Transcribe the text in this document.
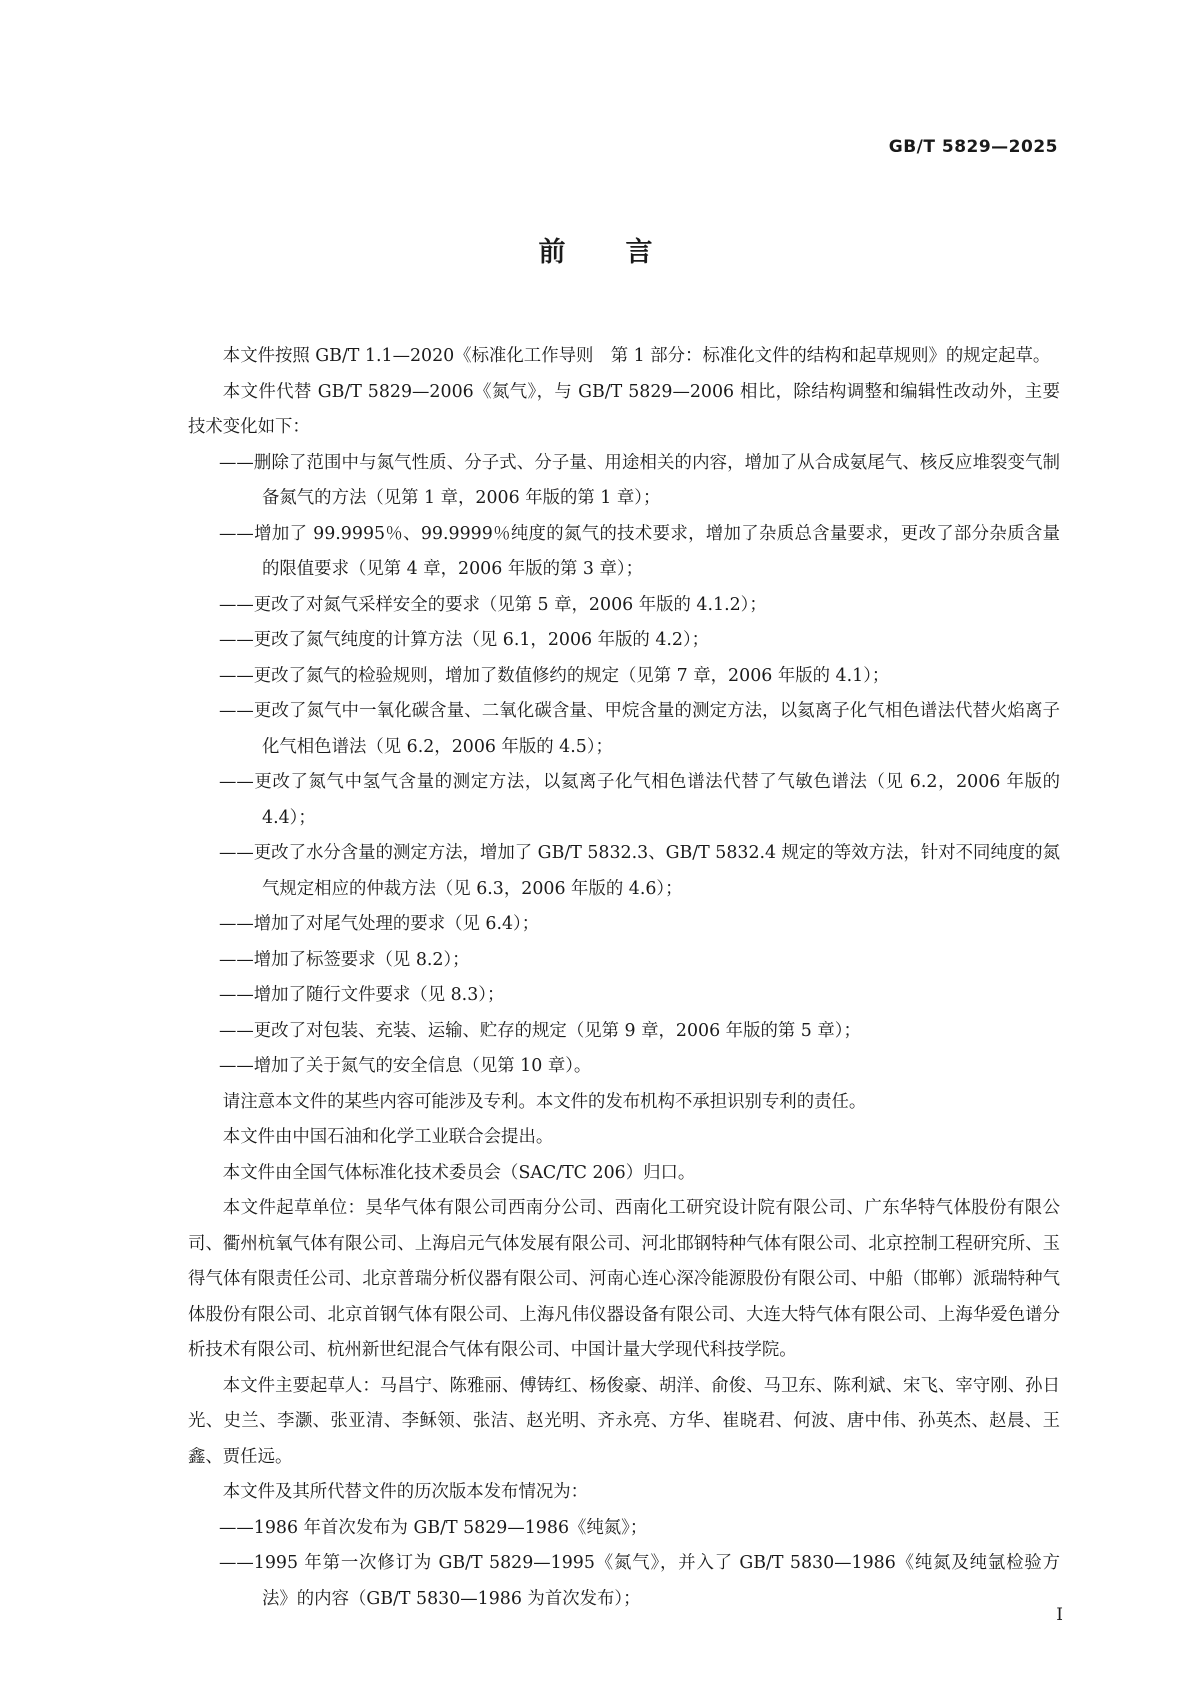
GB/T 5829—2025
前言

本文件按照 GB/T 1.1—2020《标准化工作导则　第 1 部分：标准化文件的结构和起草规则》的规定起草。

本文件代替 GB/T 5829—2006《氮气》，与 GB/T 5829—2006 相比，除结构调整和编辑性改动外，主要技术变化如下：

——删除了范围中与氮气性质、分子式、分子量、用途相关的内容，增加了从合成氨尾气、核反应堆裂变气制备氮气的方法（见第 1 章，2006 年版的第 1 章）；

——增加了 99.9995％、99.9999％纯度的氮气的技术要求，增加了杂质总含量要求，更改了部分杂质含量的限值要求（见第 4 章，2006 年版的第 3 章）；

——更改了对氮气采样安全的要求（见第 5 章，2006 年版的 4.1.2）；

——更改了氮气纯度的计算方法（见 6.1，2006 年版的 4.2）；

——更改了氮气的检验规则，增加了数值修约的规定（见第 7 章，2006 年版的 4.1）；

——更改了氮气中一氧化碳含量、二氧化碳含量、甲烷含量的测定方法，以氦离子化气相色谱法代替火焰离子化气相色谱法（见 6.2，2006 年版的 4.5）；

——更改了氮气中氢气含量的测定方法，以氦离子化气相色谱法代替了气敏色谱法（见 6.2，2006 年版的 4.4）；

——更改了水分含量的测定方法，增加了 GB/T 5832.3、GB/T 5832.4 规定的等效方法，针对不同纯度的氮气规定相应的仲裁方法（见 6.3，2006 年版的 4.6）；

——增加了对尾气处理的要求（见 6.4）；

——增加了标签要求（见 8.2）；

——增加了随行文件要求（见 8.3）；

——更改了对包装、充装、运输、贮存的规定（见第 9 章，2006 年版的第 5 章）；

——增加了关于氮气的安全信息（见第 10 章）。

请注意本文件的某些内容可能涉及专利。本文件的发布机构不承担识别专利的责任。

本文件由中国石油和化学工业联合会提出。

本文件由全国气体标准化技术委员会（SAC/TC 206）归口。

本文件起草单位：昊华气体有限公司西南分公司、西南化工研究设计院有限公司、广东华特气体股份有限公司、衢州杭氧气体有限公司、上海启元气体发展有限公司、河北邯钢特种气体有限公司、北京控制工程研究所、玉得气体有限责任公司、北京普瑞分析仪器有限公司、河南心连心深冷能源股份有限公司、中船（邯郸）派瑞特种气体股份有限公司、北京首钢气体有限公司、上海凡伟仪器设备有限公司、大连大特气体有限公司、上海华爱色谱分析技术有限公司、杭州新世纪混合气体有限公司、中国计量大学现代科技学院。

本文件主要起草人：马昌宁、陈雅丽、傅铸红、杨俊豪、胡洋、俞俊、马卫东、陈利斌、宋飞、宰守刚、孙日光、史兰、李灏、张亚清、李稣领、张洁、赵光明、齐永亮、方华、崔晓君、何波、唐中伟、孙英杰、赵晨、王鑫、贾任远。

本文件及其所代替文件的历次版本发布情况为：

——1986 年首次发布为 GB/T 5829—1986《纯氮》；

——1995 年第一次修订为 GB/T 5829—1995《氮气》，并入了 GB/T 5830—1986《纯氮及纯氩检验方法》的内容（GB/T 5830—1986 为首次发布）；

I
